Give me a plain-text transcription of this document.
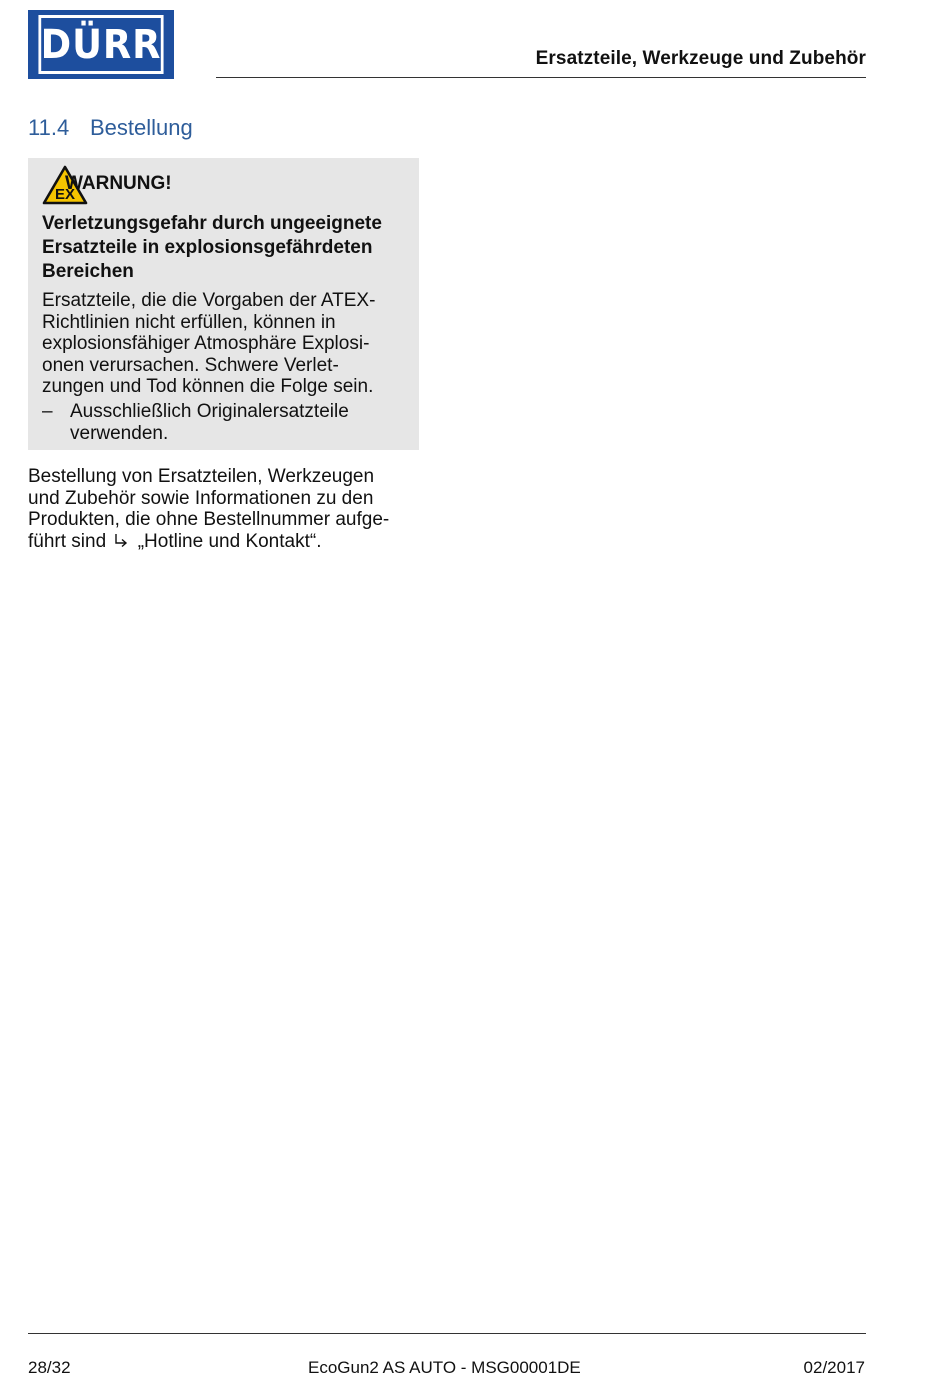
DÜRR	Ersatzteile, Werkzeuge und Zubehör
11.4 Bestellung
EX
WARNUNG!
Verletzungsgefahr durch ungeeignete
Ersatzteile in explosionsgefährdeten
Bereichen
Ersatzteile, die die Vorgaben der ATEX-
Richtlinien nicht erfüllen, können in
explosionsfähiger Atmosphäre Explosi-
onen verursachen. Schwere Verlet-
zungen und Tod können die Folge sein.
– Ausschließlich Originalersatzteile
verwenden.
Bestellung von Ersatzteilen, Werkzeugen
und Zubehör sowie Informationen zu den
Produkten, die ohne Bestellnummer aufge-
führt sind „Hotline und Kontakt“.
28/32	EcoGun2 AS AUTO - MSG00001DE	02/2017
